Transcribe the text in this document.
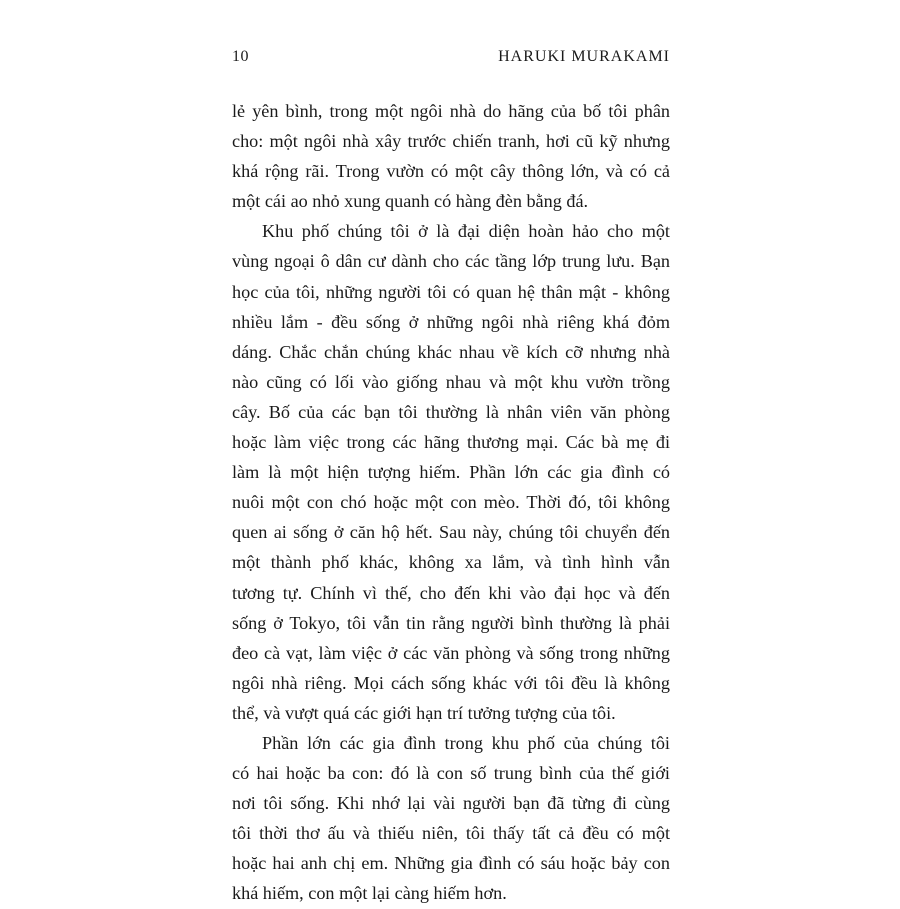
10	HARUKI MURAKAMI
lẻ yên bình, trong một ngôi nhà do hãng của bố tôi phân
cho: một ngôi nhà xây trước chiến tranh, hơi cũ kỹ nhưng
khá rộng rãi. Trong vườn có một cây thông lớn, và có cả
một cái ao nhỏ xung quanh có hàng đèn bằng đá.
Khu phố chúng tôi ở là đại diện hoàn hảo cho một
vùng ngoại ô dân cư dành cho các tầng lớp trung lưu. Bạn
học của tôi, những người tôi có quan hệ thân mật - không
nhiều lắm - đều sống ở những ngôi nhà riêng khá đỏm
dáng. Chắc chắn chúng khác nhau về kích cỡ nhưng nhà
nào cũng có lối vào giống nhau và một khu vườn trồng
cây. Bố của các bạn tôi thường là nhân viên văn phòng
hoặc làm việc trong các hãng thương mại. Các bà mẹ đi
làm là một hiện tượng hiếm. Phần lớn các gia đình có
nuôi một con chó hoặc một con mèo. Thời đó, tôi không
quen ai sống ở căn hộ hết. Sau này, chúng tôi chuyển đến
một thành phố khác, không xa lắm, và tình hình vẫn
tương tự. Chính vì thế, cho đến khi vào đại học và đến
sống ở Tokyo, tôi vẫn tin rằng người bình thường là phải
đeo cà vạt, làm việc ở các văn phòng và sống trong những
ngôi nhà riêng. Mọi cách sống khác với tôi đều là không
thể, và vượt quá các giới hạn trí tưởng tượng của tôi.
Phần lớn các gia đình trong khu phố của chúng tôi
có hai hoặc ba con: đó là con số trung bình của thế giới
nơi tôi sống. Khi nhớ lại vài người bạn đã từng đi cùng
tôi thời thơ ấu và thiếu niên, tôi thấy tất cả đều có một
hoặc hai anh chị em. Những gia đình có sáu hoặc bảy con
khá hiếm, con một lại càng hiếm hơn.
